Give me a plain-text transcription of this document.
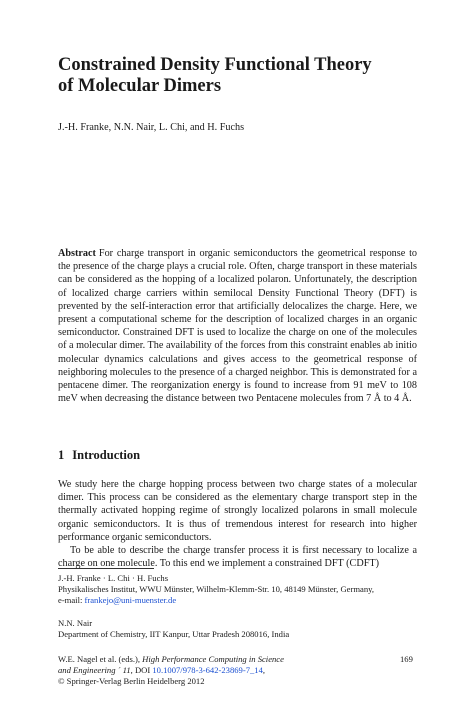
Constrained Density Functional Theory
of Molecular Dimers
J.-H. Franke, N.N. Nair, L. Chi, and H. Fuchs
Abstract For charge transport in organic semiconductors the geometrical response to the presence of the charge plays a crucial role. Often, charge transport in these materials can be considered as the hopping of a localized polaron. Unfortunately, the description of localized charge carriers within semilocal Density Functional Theory (DFT) is prevented by the self-interaction error that artificially delocalizes the charge. Here, we present a computational scheme for the description of localized charges in an organic semiconductor. Constrained DFT is used to localize the charge on one of the molecules of a molecular dimer. The availability of the forces from this constraint enables ab initio molecular dynamics calculations and gives access to the geometrical response of neighboring molecules to the presence of a charged neighbor. This is demonstrated for a pentacene dimer. The reorganization energy is found to increase from 91 meV to 108 meV when decreasing the distance between two Pentacene molecules from 7 Å to 4 Å.
1 Introduction

We study here the charge hopping process between two charge states of a molecular dimer. This process can be considered as the elementary charge transport step in the thermally activated hopping regime of strongly localized polarons in small molecule organic semiconductors. It is thus of tremendous interest for research into higher performance organic semiconductors.

To be able to describe the charge transfer process it is first necessary to localize a charge on one molecule. To this end we implement a constrained DFT (CDFT)

J.-H. Franke · L. Chi · H. Fuchs
Physikalisches Institut, WWU Münster, Wilhelm-Klemm-Str. 10, 48149 Münster, Germany,
e-mail: frankejo@uni-muenster.de
N.N. Nair
Department of Chemistry, IIT Kanpur, Uttar Pradesh 208016, India
W.E. Nagel et al. (eds.), High Performance Computing in Science
and Engineering ´ 11, DOI 10.1007/978-3-642-23869-7_14,
© Springer-Verlag Berlin Heidelberg 2012
169
